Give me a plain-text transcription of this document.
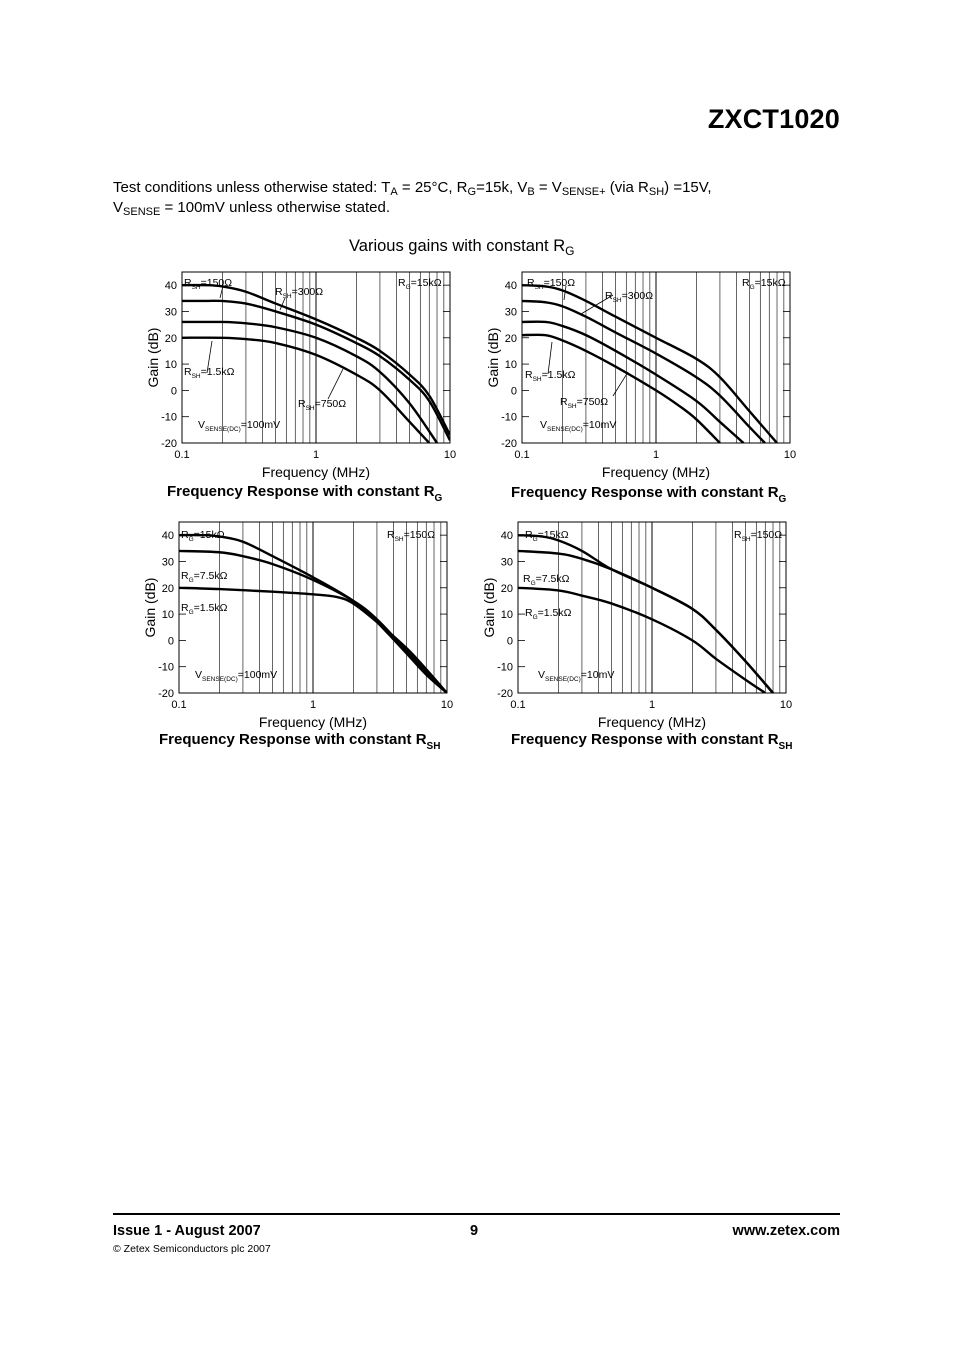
ZXCT1020
Test conditions unless otherwise stated: $T_A = 25^\circ C$, $R_G=15k$, $V_B = V_{SENSE+}$ (via $R_{SH}) =15V$,
$V_{SENSE} = 100mV$ unless otherwise stated.
Various gains with constant $R_G$
40
30
20
10
0
-10
-20
0.1	1	10
Frequency (MHz)
Gain (dB)
$R_{SH}=150\Omega$
$R_{SH}=300\Omega$
$R_G=15k\Omega$
$R_{SH}=1.5k\Omega$
$R_{SH}=750\Omega$
$V_{SENSE(DC)}=100mV$
Frequency Response with constant $R_G$
40
30
20
10
0
-10
-20
0.1	1	10
Frequency (MHz)
Gain (dB)
$R_{SH}=150\Omega$
$R_{SH}=300\Omega$
$R_G=15k\Omega$
$R_{SH}=1.5k\Omega$
$R_{SH}=750\Omega$
$V_{SENSE(DC)}=10mV$
Frequency Response with constant $R_G$
40
30
20
10
0
-10
-20
0.1	1	10
Frequency (MHz)
Gain (dB)
$R_G=15k\Omega$	$R_{SH}=150\Omega$
$R_G=7.5k\Omega$
$R_G=1.5k\Omega$
$V_{SENSE(DC)}=100mV$
Frequency Response with constant $R_{SH}$
40
30
20
10
0
-10
-20
0.1	1	10
Frequency (MHz)
Gain (dB)
$R_G=15k\Omega$	$R_{SH}=150\Omega$
$R_G=7.5k\Omega$
$R_G=1.5k\Omega$
$V_{SENSE(DC)}=10mV$
Frequency Response with constant $R_{SH}$
Issue 1 - August 2007
© Zetex Semiconductors plc 2007
9	www.zetex.com
